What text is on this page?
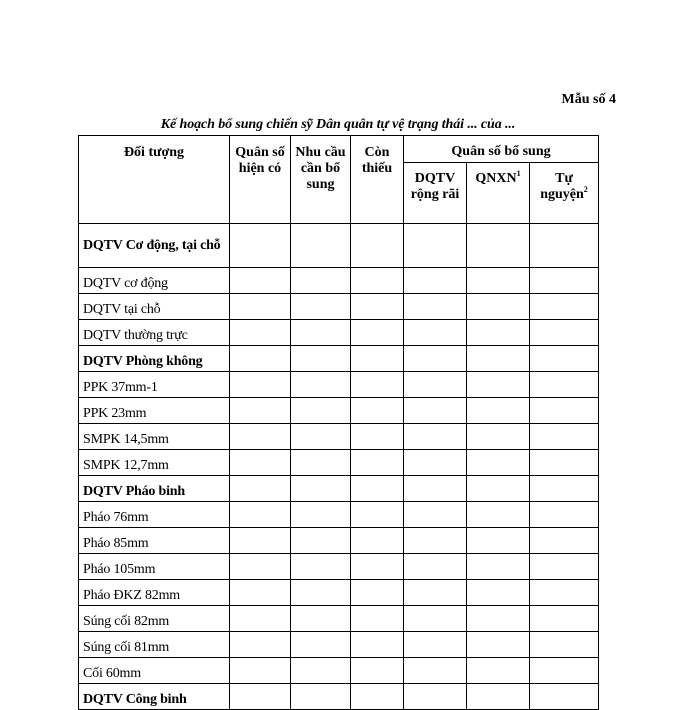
Mẫu số 4
Kế hoạch bổ sung chiến sỹ Dân quân tự vệ trạng thái ... của ...
Đối tượng	Quân số hiện có	Nhu cầu cần bổ sung	Còn thiếu	Quân số bổ sung		
				DQTV rộng rãi	QNXN$^1$	Tự nguyện$^2$
DQTV Cơ động, tại chỗ						
DQTV cơ động						
DQTV tại chỗ						
DQTV thường trực						
DQTV Phòng không						
PPK 37mm-1						
PPK 23mm						
SMPK 14,5mm						
SMPK 12,7mm						
DQTV Pháo binh						
Pháo 76mm						
Pháo 85mm						
Pháo 105mm						
Pháo ĐKZ 82mm						
Súng cối 82mm						
Súng cối 81mm						
Cối 60mm						
DQTV Công binh						
